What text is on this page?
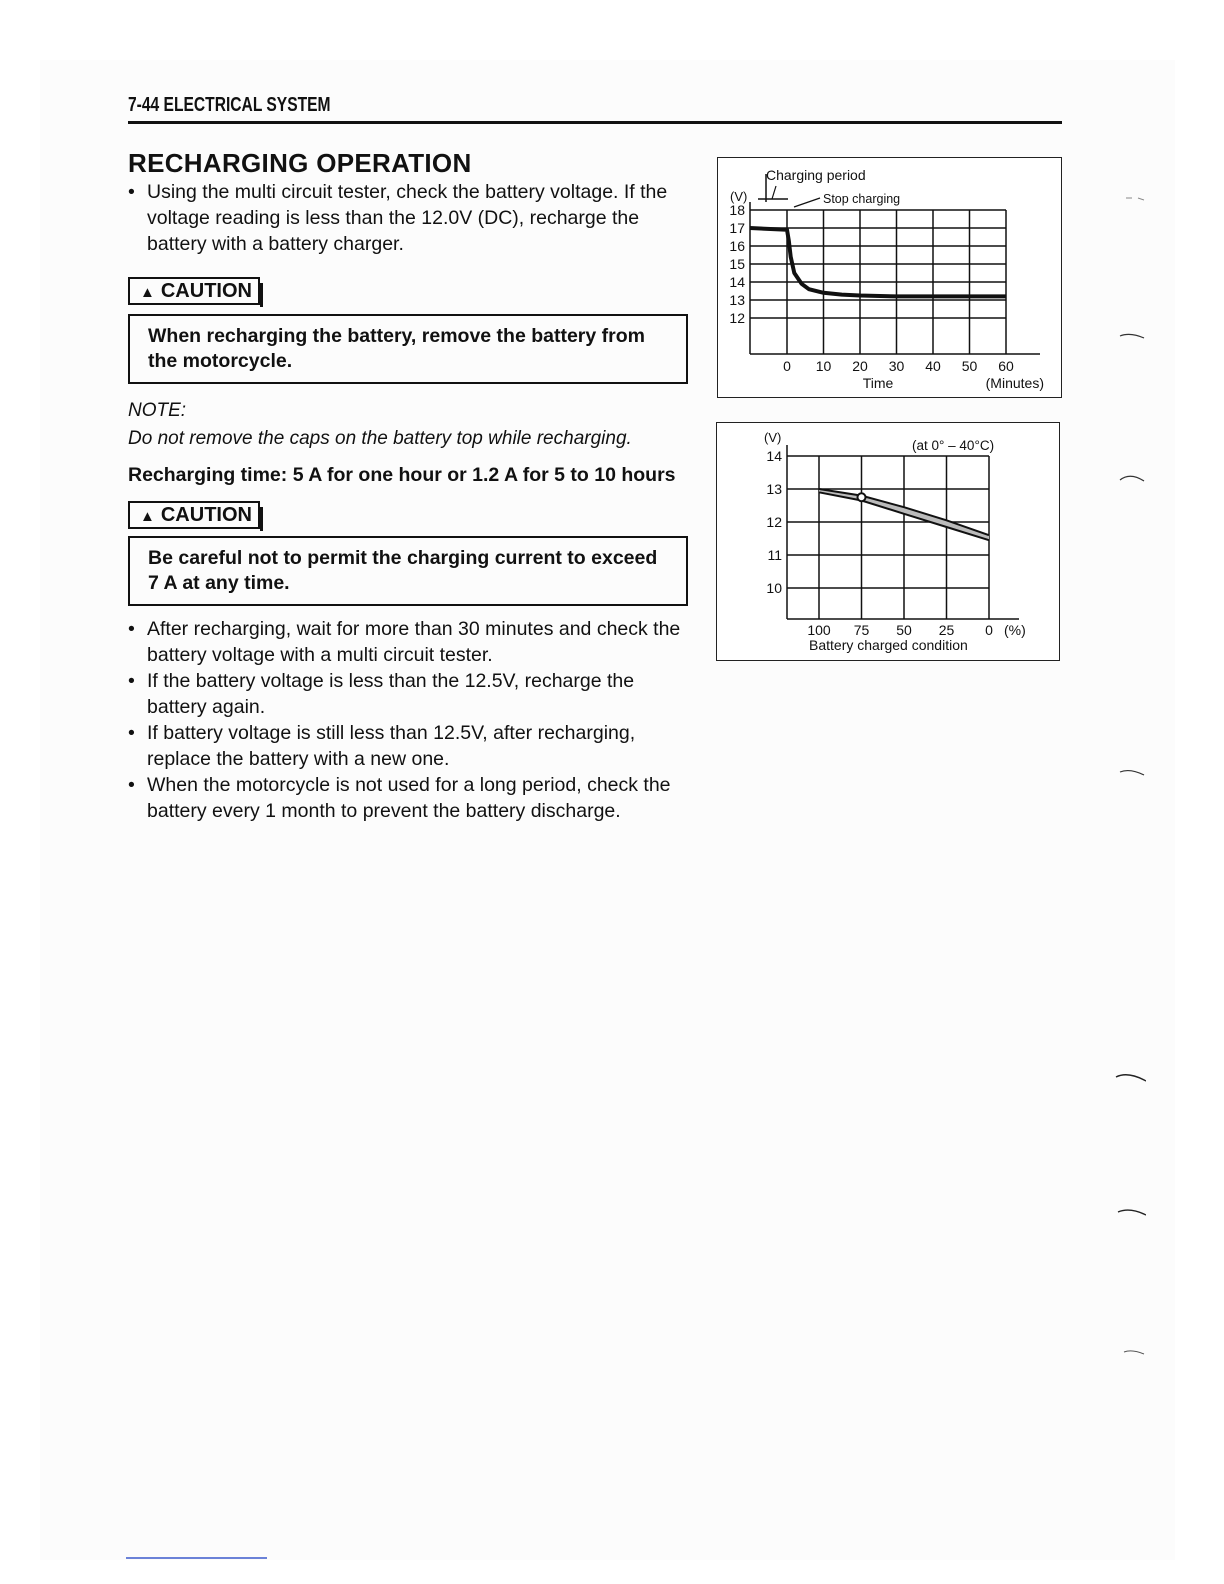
7-44 ELECTRICAL SYSTEM
RECHARGING OPERATION
• Using the multi circuit tester, check the battery voltage. If the voltage reading is less than the 12.0V (DC), recharge the battery with a battery charger.
▲ CAUTION
When recharging the battery, remove the battery from the motorcycle.
NOTE:
Do not remove the caps on the battery top while recharging.
Recharging time: 5 A for one hour or 1.2 A for 5 to 10 hours
▲ CAUTION
Be careful not to permit the charging current to exceed 7 A at any time.
• After recharging, wait for more than 30 minutes and check the battery voltage with a multi circuit tester.
• If the battery voltage is less than the 12.5V, recharge the battery again.
• If battery voltage is still less than 12.5V, after recharging, replace the battery with a new one.
• When the motorcycle is not used for a long period, check the battery every 1 month to prevent the battery discharge.
18
17
16
15
14
13
12
0 10 20 30 40 50 60
(V)
Charging period
Stop charging
Time	(Minutes)
14
13
12
11
10
100 75 50 25 0
(V)
(at 0° – 40°C)
Battery charged condition
(%)
